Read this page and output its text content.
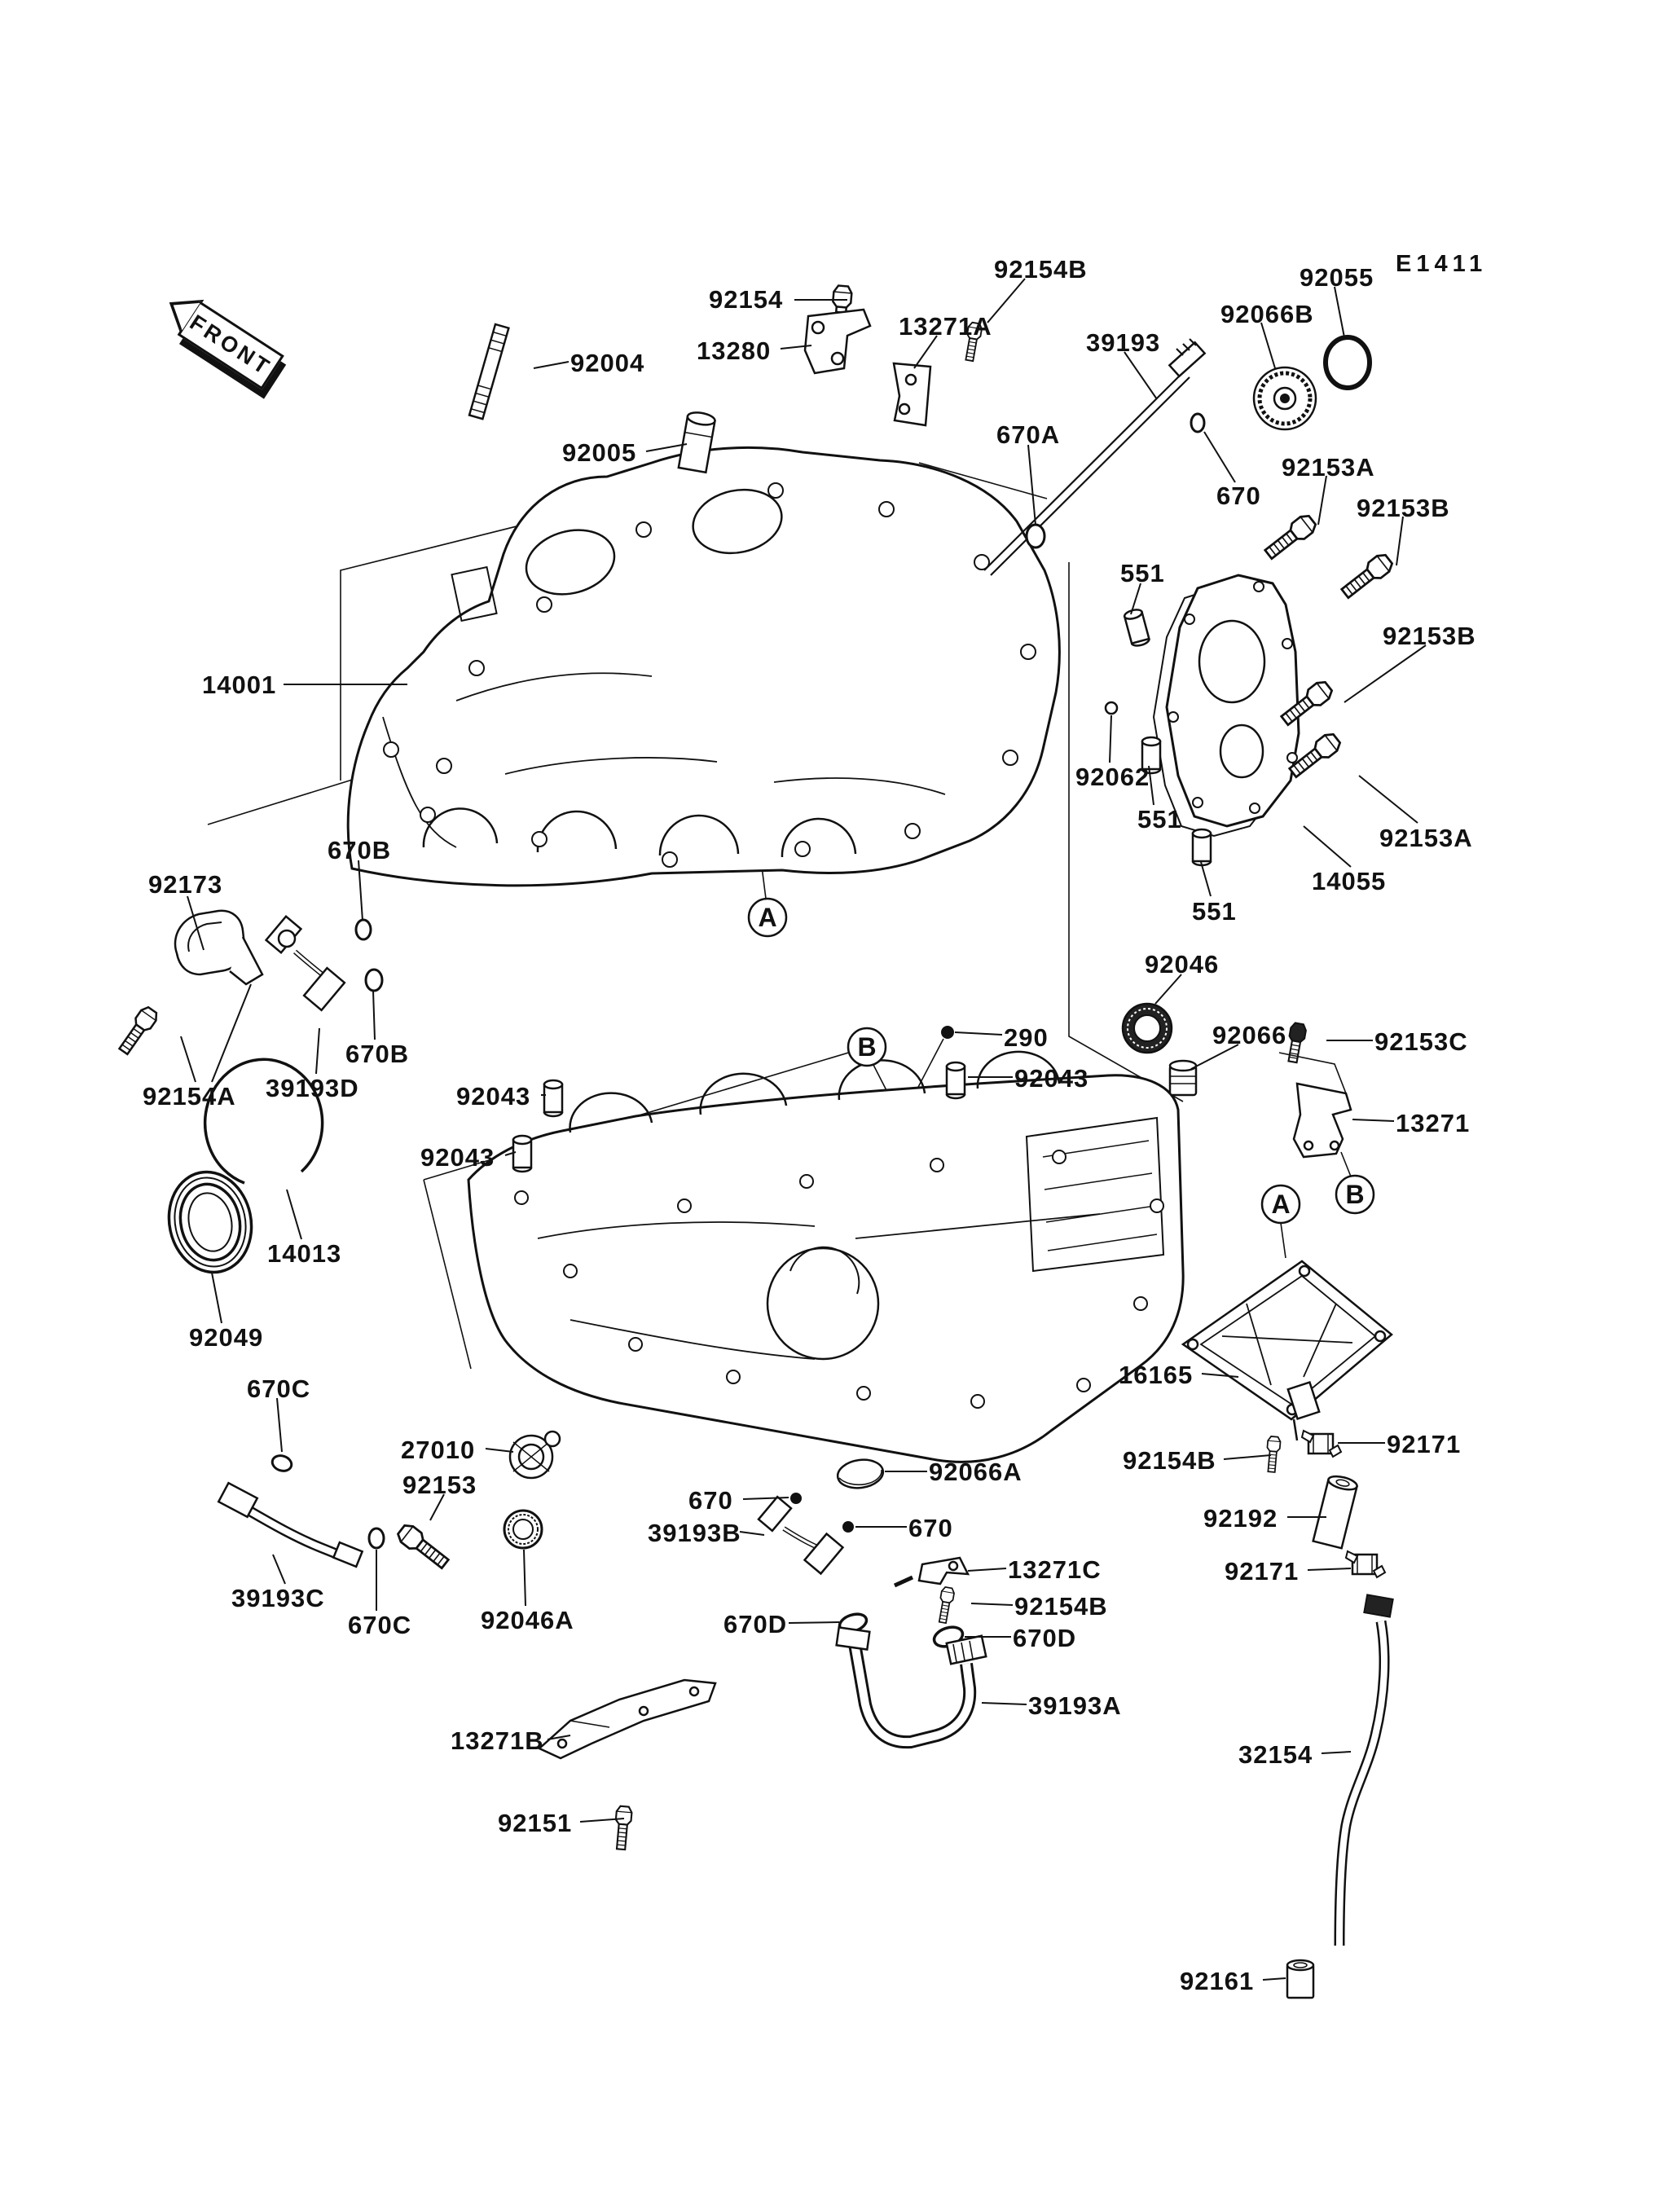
A
B
A B
FRONT
E1411
92154
13280
13271A
92154B
39193
92066B
92055
92004
92005
670A
670
92153A
92153B
92153B
551
92062
551
92153A
14055
551
14001
670B
92173
92154A 39193D
670B
92043
92043
92043
290
92046
92066	92153C
13271
14013
92049
670C
27010
92153	92066A
670
39193B	670
13271C
92154B
670D	670D
39193A
39193C
670C	92046A
13271B
92151
16165
92154B
92171
92192
92171
32154
92161
